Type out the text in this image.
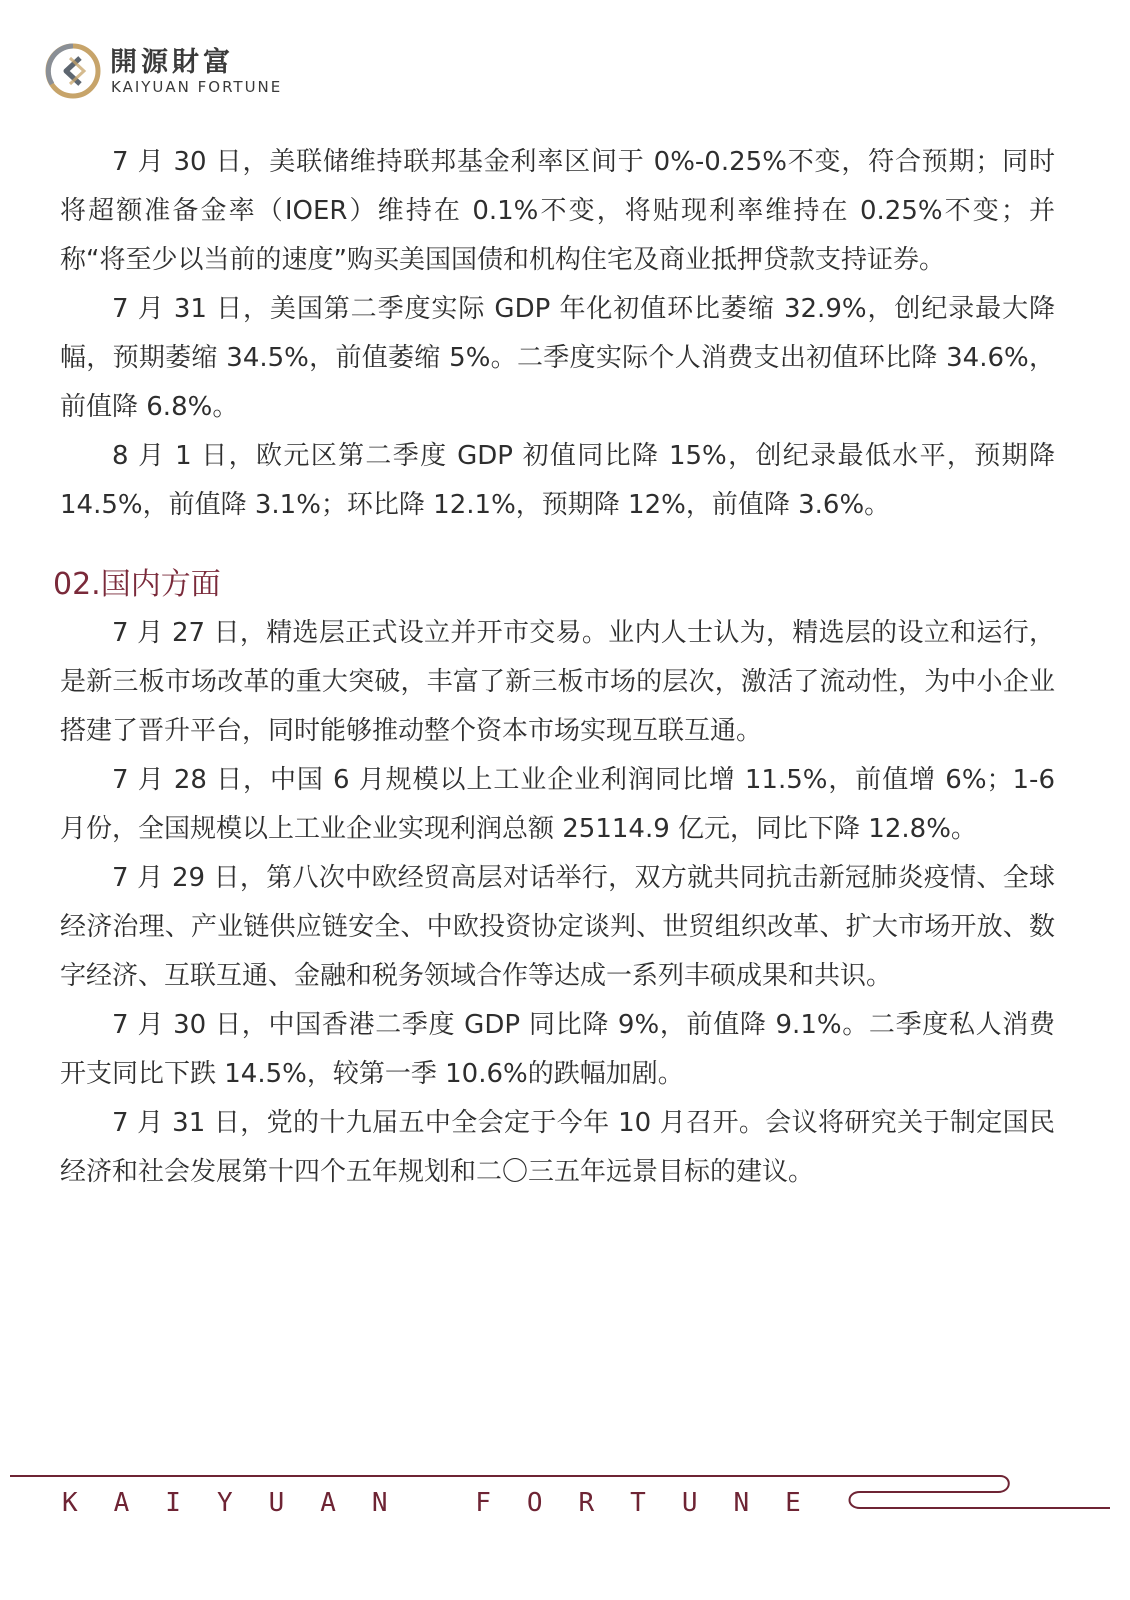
開源財富
KAIYUAN FORTUNE

7 月 30 日，美联储维持联邦基金利率区间于 0%-0.25%不变，符合预期；同时将超额准备金率（IOER）维持在 0.1%不变，将贴现利率维持在 0.25%不变；并称“将至少以当前的速度”购买美国国债和机构住宅及商业抵押贷款支持证券。

7 月 31 日，美国第二季度实际 GDP 年化初值环比萎缩 32.9%，创纪录最大降幅，预期萎缩 34.5%，前值萎缩 5%。二季度实际个人消费支出初值环比降 34.6%，前值降 6.8%。

8 月 1 日，欧元区第二季度 GDP 初值同比降 15%，创纪录最低水平，预期降 14.5%，前值降 3.1%；环比降 12.1%，预期降 12%，前值降 3.6%。

02.国内方面

7 月 27 日，精选层正式设立并开市交易。业内人士认为，精选层的设立和运行，是新三板市场改革的重大突破，丰富了新三板市场的层次，激活了流动性，为中小企业搭建了晋升平台，同时能够推动整个资本市场实现互联互通。

7 月 28 日，中国 6 月规模以上工业企业利润同比增 11.5%，前值增 6%；1-6 月份，全国规模以上工业企业实现利润总额 25114.9 亿元，同比下降 12.8%。

7 月 29 日，第八次中欧经贸高层对话举行，双方就共同抗击新冠肺炎疫情、全球经济治理、产业链供应链安全、中欧投资协定谈判、世贸组织改革、扩大市场开放、数字经济、互联互通、金融和税务领域合作等达成一系列丰硕成果和共识。

7 月 30 日，中国香港二季度 GDP 同比降 9%，前值降 9.1%。二季度私人消费开支同比下跌 14.5%，较第一季 10.6%的跌幅加剧。

7 月 31 日，党的十九届五中全会定于今年 10 月召开。会议将研究关于制定国民经济和社会发展第十四个五年规划和二〇三五年远景目标的建议。

KAIYUAN FORTUNE
